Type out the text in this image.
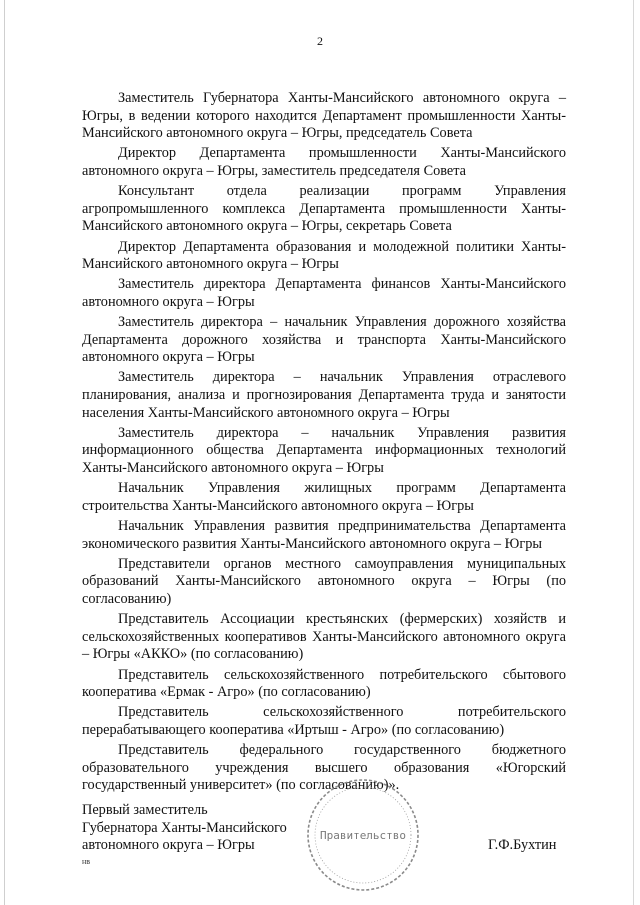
2

Заместитель Губернатора Ханты-Мансийского автономного округа – Югры, в ведении которого находится Департамент промышленности Ханты-Мансийского автономного округа – Югры, председатель Совета

Директор Департамента промышленности Ханты-Мансийского автономного округа – Югры, заместитель председателя Совета

Консультант отдела реализации программ Управления агропромышленного комплекса Департамента промышленности Ханты-Мансийского автономного округа – Югры, секретарь Совета

Директор Департамента образования и молодежной политики Ханты-Мансийского автономного округа – Югры

Заместитель директора Департамента финансов Ханты-Мансийского автономного округа – Югры

Заместитель директора – начальник Управления дорожного хозяйства Департамента дорожного хозяйства и транспорта Ханты-Мансийского автономного округа – Югры

Заместитель директора – начальник Управления отраслевого планирования, анализа и прогнозирования Департамента труда и занятости населения Ханты-Мансийского автономного округа – Югры

Заместитель директора – начальник Управления развития информационного общества Департамента информационных технологий Ханты-Мансийского автономного округа – Югры

Начальник Управления жилищных программ Департамента строительства Ханты-Мансийского автономного округа – Югры

Начальник Управления развития предпринимательства Департамента экономического развития Ханты-Мансийского автономного округа – Югры

Представители органов местного самоуправления муниципальных образований Ханты-Мансийского автономного округа – Югры (по согласованию)

Представитель Ассоциации крестьянских (фермерских) хозяйств и сельскохозяйственных кооперативов Ханты-Мансийского автономного округа – Югры «АККО» (по согласованию)

Представитель сельскохозяйственного потребительского сбытового кооператива «Ермак - Агро» (по согласованию)

Представитель сельскохозяйственного потребительского перерабатывающего кооператива «Иртыш - Агро» (по согласованию)

Представитель федерального государственного бюджетного образовательного учреждения высшего образования «Югорский государственный университет» (по согласованию)».

Первый заместитель
Губернатора Ханты-Мансийского
автономного округа – Югры	Г.Ф.Бухтин
нв
Правительство
